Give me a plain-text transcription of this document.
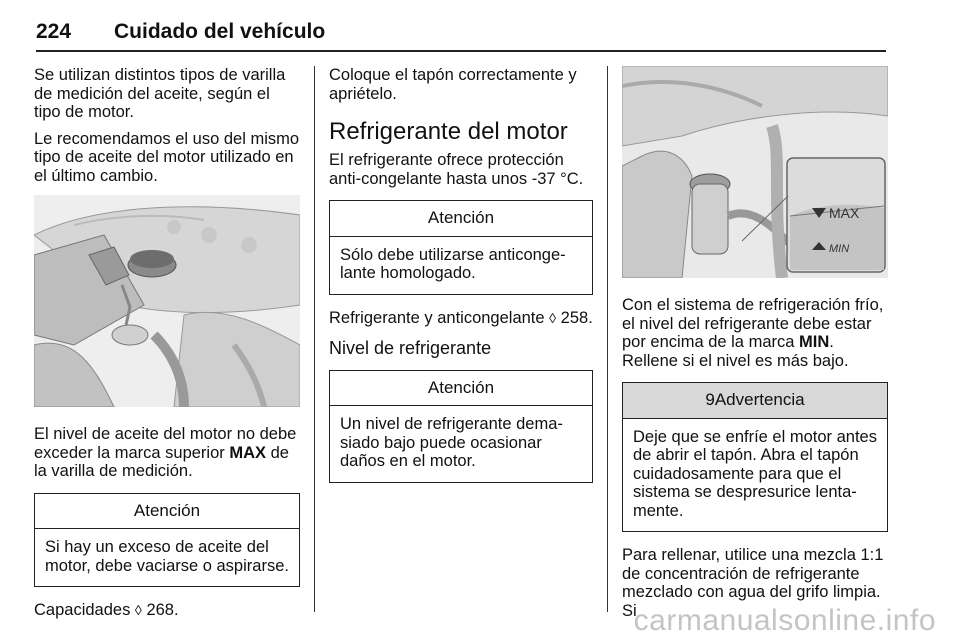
224 Cuidado del vehículo

Se utilizan distintos tipos de varilla de medición del aceite, según el tipo de motor.

Le recomendamos el uso del mismo tipo de aceite del motor utilizado en el último cambio.

El nivel de aceite del motor no debe exceder la marca superior MAX de la varilla de medición.

Atención
Si hay un exceso de aceite del motor, debe vaciarse o aspirarse.

Capacidades ◊ 268.

Coloque el tapón correctamente y apriételo.

Refrigerante del motor

El refrigerante ofrece protección anti-congelante hasta unos -37 °C.

Atención
Sólo debe utilizarse anticonge-lante homologado.

Refrigerante y anticongelante ◊ 258.

Nivel de refrigerante
Atención
Un nivel de refrigerante dema-siado bajo puede ocasionar daños en el motor.
MAX
MIN

Con el sistema de refrigeración frío, el nivel del refrigerante debe estar por encima de la marca MIN. Rellene si el nivel es más bajo.

9Advertencia
Deje que se enfríe el motor antes de abrir el tapón. Abra el tapón cuidadosamente para que el sistema se despresurice lenta-mente.

Para rellenar, utilice una mezcla 1:1 de concentración de refrigerante mezclado con agua del grifo limpia. Si

carmanualsonline.info
